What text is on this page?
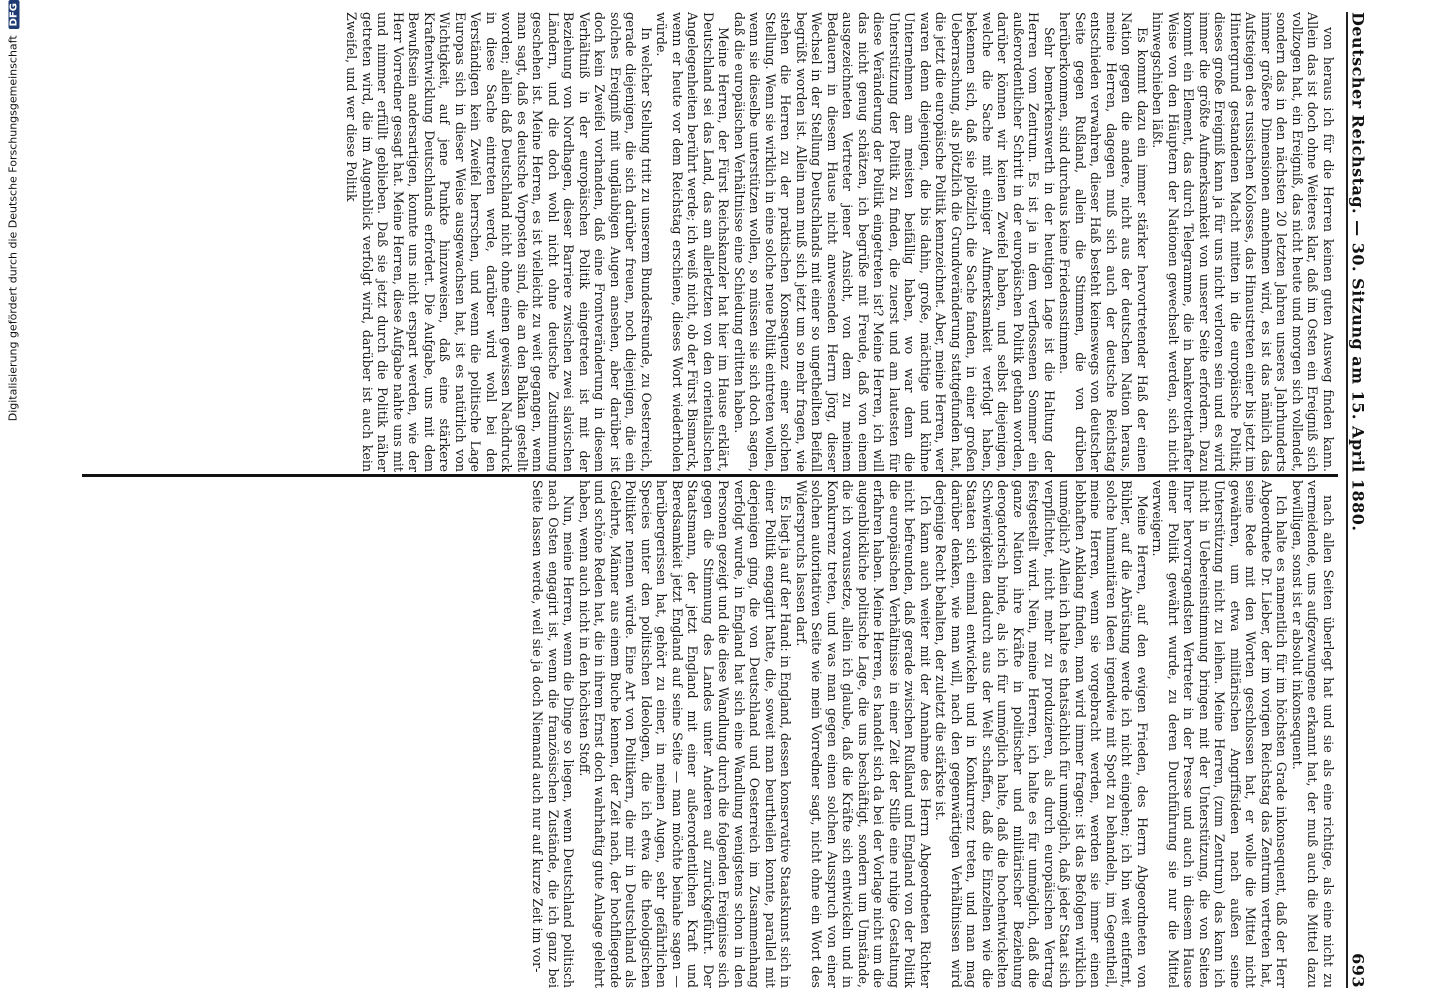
Digitalisierung gefördert durch die Deutsche ForschungsgemeinschaftDFG	Deutscher Reichstag. — 30. Sitzung am 15. April 1880.
693

von heraus ich für die Herren keinen guten Ausweg finden kann. Allein das ist doch ohne Weiteres klar, daß im Osten ein Ereigniß sich vollzogen hat, ein Ereigniß, das nicht heute und morgen sich vollendet, sondern das in den nächsten 20 letzten Jahren unseres Jahrhunderts immer größere Dimensionen annehmen wird, es ist das nämlich das Aufsteigen des russischen Kolosses, das Hinaustreten einer bis jetzt im Hintergrund gestandenen Macht mitten in die europäische Politik; dieses große Ereigniß kann ja für uns nicht verloren sein und es wird immer die größte Aufmerksamkeit von unserer Seite erfordern. Dazu kommt ein Element, das durch Telegramme, die in bankerotterhafter Weise von den Häuptern der Nationen gewechselt werden, sich nicht hinwegschieben läßt.

Es kommt dazu ein immer stärker hervortretender Haß der einen Nation gegen die andere, nicht aus der deutschen Nation heraus, meine Herren, dagegen muß sich auch der deutsche Reichstag entschieden verwahren, dieser Haß besteht keineswegs von deutscher Seite gegen Rußland, allein die Stimmen, die von drüben herüberkommen, sind durchaus keine Friedensstimmen.

Sehr bemerkenswerth in der heutigen Lage ist die Haltung der Herren vom Zentrum. Es ist ja in dem verflossenen Sommer ein außerordentlicher Schritt in der europäischen Politik gethan worden, darüber können wir keinen Zweifel haben, und selbst diejenigen, welche die Sache mit einiger Aufmerksamkeit verfolgt haben, bekennen sich, daß sie plötzlich die Sache fanden, in einer großen Ueberraschung, als plötzlich die Grundveränderung stattgefunden hat, die jetzt die europäische Politik kennzeichnet. Aber, meine Herren, wer waren denn diejenigen, die bis dahin, große, mächtige und kühne Unternehmen am meisten beifällig haben, wo war denn die Unterstützung der Politik zu finden, die zuerst und am lautesten für diese Veränderung der Politik eingetreten ist? Meine Herren, ich will das nicht genug schätzen, ich begrüße mit Freude, daß von einem ausgezeichneten Vertreter jener Ansicht, von dem zu meinem Bedauern in diesem Hause nicht anwesenden Herrn Jörg, dieser Wechsel in der Stellung Deutschlands mit einer so ungetheilten Beifall begrüßt worden ist. Allein man muß sich jetzt um so mehr fragen, wie stehen die Herren zu der praktischen Konsequenz einer solchen Stellung. Wenn sie wirklich in eine solche neue Politik eintreten wollen, wenn sie dieselbe unterstützen wollen, so müssen sie sich doch sagen, daß die europäischen Verhältnisse eine Schiedung erlitten haben.

Meine Herren, der Fürst Reichskanzler hat hier im Hause erklärt, Deutschland sei das Land, das am allerletzten von den orientalischen Angelegenheiten berührt werde; ich weiß nicht, ob der Fürst Bismarck, wenn er heute vor dem Reichstag erschiene, dieses Wort wiederholen würde.

In welcher Stellung tritt zu unserem Bundesfreunde, zu Oesterreich, gerade diejenigen, die sich darüber freuen, noch diejenigen, die ein solches Ereigniß mit ungläubigen Augen ansehen, aber darüber ist doch kein Zweifel vorhanden, daß eine Frontveränderung in diesem Verhältniß in der europäischen Politik eingetreten ist mit der Beziehung von Nordhagen, dieser Barriere zwischen zwei slavischen Ländern, und die doch wohl nicht ohne deutsche Zustimmung geschehen ist. Meine Herren, es ist vielleicht zu weit gegangen, wenn man sagt, daß es deutsche Vorposten sind, die an den Balkan gestellt worden; allein daß Deutschland nicht ohne einen gewissen Nachdruck in diese Sache eintreten werde, darüber wird wohl bei den Verständigen kein Zweifel herrschen, und wenn die politische Lage Europas sich in dieser Weise ausgewachsen hat, ist es natürlich von Wichtigkeit, auf jene Punkte hinzuweisen, daß eine stärkere Kraftentwicklung Deutschlands erfordert. Die Aufgabe, uns mit dem Bewußtsein andersartigen, konnte uns nicht erspart werden, wie der Herr Vorredner gesagt hat. Meine Herren, diese Aufgabe nahte uns mit und nimmer erfüllt geblieben. Daß sie jetzt durch die Politik näher getreten wird, die im Augenblick verfolgt wird, darüber ist auch kein Zweifel, und wer diese Politik

nach allen Seiten überlegt hat und sie als eine richtige, als eine nicht zu vermeidende, uns aufgezwungene erkannt hat, der muß auch die Mittel dazu bewilligen, sonst ist er absolut inkonsequent.

Ich halte es namentlich für im höchsten Grade inkonsequent, daß der Herr Abgeordnete Dr. Lieber, der im vorigen Reichstag das Zentrum vertreten hat, seine Rede mit den Worten geschlossen hat, er wolle die Mittel nicht gewähren, um etwa militärischen Angriffsideen nach außen seine Unterstützung nicht zu leihen. Meine Herren, (zum Zentrum) das kann ich nicht in Uebereinstimmung bringen mit der Unterstützung, die von Seiten Ihrer hervorragendsten Vertreter in der Presse und auch in diesem Hause einer Politik gewährt wurde, zu deren Durchführung sie nur die Mittel verweigern.

Meine Herren, auf den ewigen Frieden, des Herrn Abgeordneten von Bühler, auf die Abrüstung werde ich nicht eingehen; ich bin weit entfernt, solche humanitären Ideen irgendwie mit Spott zu behandeln, im Gegentheil, meine Herren, wenn sie vorgebracht werden, werden sie immer einen lebhaften Anklang finden, man wird immer fragen: ist das Befolgen wirklich unmöglich? Allein ich halte es thatsächlich für unmöglich, daß jeder Staat sich verpflichtet, nicht mehr zu produzieren, als durch europäischen Vertrag festgestellt wird. Nein, meine Herren, ich halte es für unmöglich, daß die ganze Nation ihre Kräfte in politischer und militärischer Beziehung derogatorisch binde, als ich für unmöglich halte, daß die hochentwickelten Schwierigkeiten dadurch aus der Welt schaffen, daß die Einzelnen wie die Staaten sich einmal entwickeln und in Konkurrenz treten, und man mag darüber denken, wie man will, nach den gegenwärtigen Verhältnissen wird derjenige Recht behalten, der zuletzt die stärkste ist.

Ich kann auch weiter mit der Annahme des Herrn Abgeordneten Richter nicht befreunden, daß gerade zwischen Rußland und England von der Politik die europäischen Verhältnisse in einer Zeit der Stille eine ruhige Gestaltung erfahren haben. Meine Herren, es handelt sich da bei der Vorlage nicht um die augenblickliche politische Lage, die uns beschäftigt, sondern um Umstände, die ich voraussetze, allein ich glaube, daß die Kräfte sich entwickeln und in Konkurrenz treten, und was man gegen einen solchen Ausspruch von einer solchen autoritativen Seite wie mein Vorredner sagt, nicht ohne ein Wort des Widerspruchs lassen darf.

Es liegt ja auf der Hand: in England, dessen konservative Staatskunst sich in einer Politik engagirt hatte, die, soweit man beurtheilen konnte, parallel mit derjenigen ging, die von Deutschland und Oesterreich im Zusammenhang verfolgt wurde, in England hat sich eine Wandlung wenigstens schon in den Personen gezeigt und die diese Wandlung durch die folgenden Ereignisse sich gegen die Stimmung des Landes unter Anderen auf zurückgeführt. Der Staatsmann, der jetzt England mit einer außerordentlichen Kraft und Beredsamkeit jetzt England auf seine Seite — man möchte beinahe sagen — herübergerissen hat, gehört zu einer, in meinen Augen, sehr gefährlichen Species unter den politischen Ideologen, die ich etwa die theologischen Politiker nennen würde. Eine Art von Politikern, die mir in Deutschland als Gelehrte, Männer aus einem Buche kennen, der Zeit nach, der hochfliegende und schöne Reden hat, die in ihrem Ernst doch wahrhaftig gute Anlage gelehrt haben, wenn auch nicht in den höchsten Stoff.

Nun, meine Herren, wenn die Dinge so liegen, wenn Deutschland politisch nach Osten engagirt ist, wenn die französischen Zustände, die ich ganz bei Seite lassen werde, weil sie ja doch Niemand auch nur auf kurze Zeit im vor-
